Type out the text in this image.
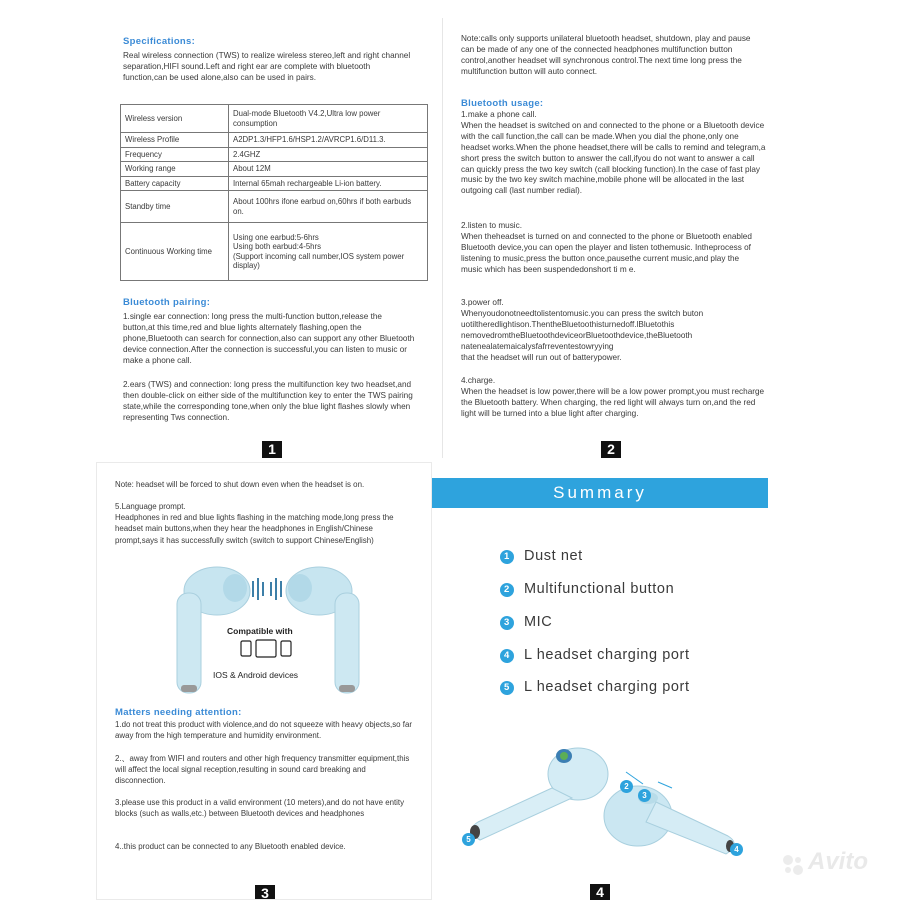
Specifications:
Real wireless connection (TWS) to realize wireless stereo,left and right channel separation,HIFI sound.Left and right ear are complete with bluetooth function,can be used alone,also can be used in pairs.
Wireless version	Dual-mode Bluetooth V4.2,Ultra low power consumption
Wireless Profile	A2DP1.3/HFP1.6/HSP1.2/AVRCP1.6/D11.3.
Frequency	2.4GHZ
Working range	About 12M
Battery capacity	Internal 65mah rechargeable Li-ion battery.
Standby time	About 100hrs ifone earbud on,60hrs if both earbuds on.
Continuous Working time	Using one earbud:5-6hrs
Using both earbud:4-5hrs
(Support incoming call number,IOS system power display)
Bluetooth pairing:
1.single ear connection: long press the multi-function button,release the button,at this time,red and blue lights alternately flashing,open the phone,Bluetooth can search for connection,also can support any other Bluetooth device connection.After the connection is successful,you can listen to music or make a phone call.
2.ears (TWS) and connection: long press the multifunction key two headset,and then double-click on either side of the multifunction key to enter the TWS pairing state,while the corresponding tone,when only the blue light flashes slowly when representing Tws connection.
1
Note:calls only supports unilateral bluetooth headset, shutdown, play and pause can be made of any one of the connected headphones multifunction button control,another headset will synchronous control.The next time long press the multifunction button will auto connect.
Bluetooth usage:
1.make a phone call.
When the headset is switched on and connected to the phone or a Bluetooth device with the call function,the call can be made.When you dial the phone,only one headset works.When the phone headset,there will be calls to remind and telegram,a short press the switch button to answer the call,ifyou do not want to answer a call can quickly press the two key switch (call blocking function).In the case of fast play music by the two key switch machine,mobile phone will be allocated in the last outgoing call (last number redial).
2.listen to music.
When theheadset is turned on and connected to the phone or Bluetooth enabled Bluetooth device,you can open the player and listen tothemusic. Intheprocess of listening to music,press the button once,pausethe current music,and play the music which has been suspendedonshort ti m e.
3.power off.
Whenyoudonotneedtolistentomusic.you can press the switch buton uotiltheredlightison.ThentheBluetoothisturnedoff.lBluetothis nemovedromtheBluetoothdeviceorBluetoothdevice,theBluetooth natenealatemaicalysfafrreventestowryying
that the headset will run out of batterypower.
4.charge.
When the headset is low power,there will be a low power prompt,you must recharge the Bluetooth battery. When charging, the red light will always turn on,and the red light will be turned into a blue light after charging.
2
Note: headset will be forced to shut down even when the headset is on.
5.Language prompt.
Headphones in red and blue lights flashing in the matching mode,long press the headset main buttons,when they hear the headphones in English/Chinese prompt,says it has successfully switch (switch to support Chinese/English)
Compatible with
IOS & Android devices
Matters needing attention:
1.do not treat this product with violence,and do not squeeze with heavy objects,so far away from the high temperature and humidity environment.
2.、away from WIFI and routers and other high frequency transmitter equipment,this will affect the local signal reception,resulting in sound card breaking and disconnection.
3.please use this product in a valid environment (10 meters),and do not have entity blocks (such as walls,etc.) between Bluetooth devices and headphones
4..this product can be connected to any Bluetooth enabled device.
3
Summary
1 Dust net
2 Multifunctional button
3 MIC
4 L headset charging port
5 L headset charging port
2
3
4
5
4
Avito
